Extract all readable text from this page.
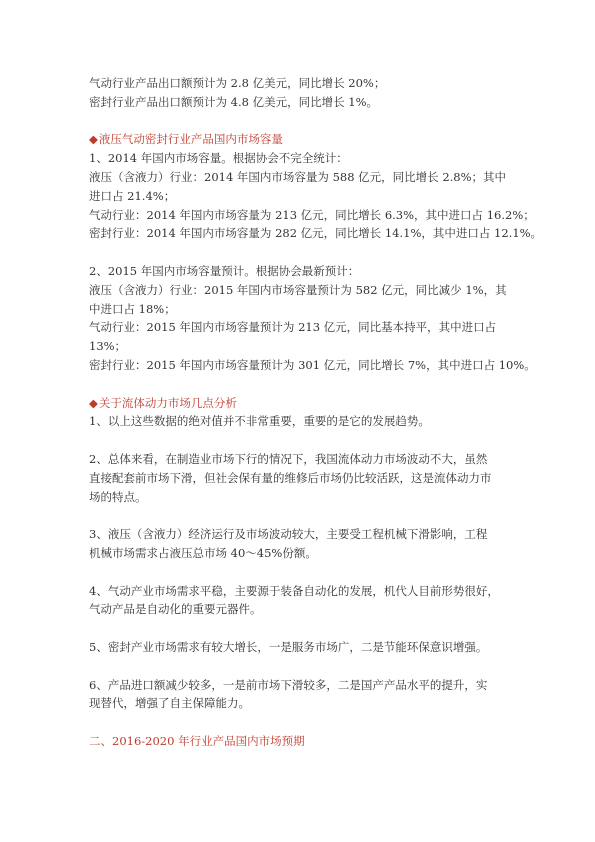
气动行业产品出口额预计为 2.8 亿美元，同比增长 20%；

密封行业产品出口额预计为 4.8 亿美元，同比增长 1%。

◆液压气动密封行业产品国内市场容量

1、2014 年国内市场容量。根据协会不完全统计：

液压（含液力）行业：2014 年国内市场容量为 588 亿元，同比增长 2.8%；其中

进口占 21.4%；

气动行业：2014 年国内市场容量为 213 亿元，同比增长 6.3%，其中进口占 16.2%；

密封行业：2014 年国内市场容量为 282 亿元，同比增长 14.1%，其中进口占 12.1%。

2、2015 年国内市场容量预计。根据协会最新预计：

液压（含液力）行业：2015 年国内市场容量预计为 582 亿元，同比减少 1%，其

中进口占 18%；

气动行业：2015 年国内市场容量预计为 213 亿元，同比基本持平，其中进口占

13%；

密封行业：2015 年国内市场容量预计为 301 亿元，同比增长 7%，其中进口占 10%。

◆关于流体动力市场几点分析

1、以上这些数据的绝对值并不非常重要，重要的是它的发展趋势。

2、总体来看，在制造业市场下行的情况下，我国流体动力市场波动不大，虽然

直接配套前市场下滑，但社会保有量的维修后市场仍比较活跃，这是流体动力市

场的特点。

3、液压（含液力）经济运行及市场波动较大，主要受工程机械下滑影响，工程

机械市场需求占液压总市场 40～45%份额。

4、气动产业市场需求平稳，主要源于装备自动化的发展，机代人目前形势很好，

气动产品是自动化的重要元器件。

5、密封产业市场需求有较大增长，一是服务市场广，二是节能环保意识增强。

6、产品进口额减少较多，一是前市场下滑较多，二是国产产品水平的提升，实

现替代，增强了自主保障能力。

二、2016-2020 年行业产品国内市场预期
